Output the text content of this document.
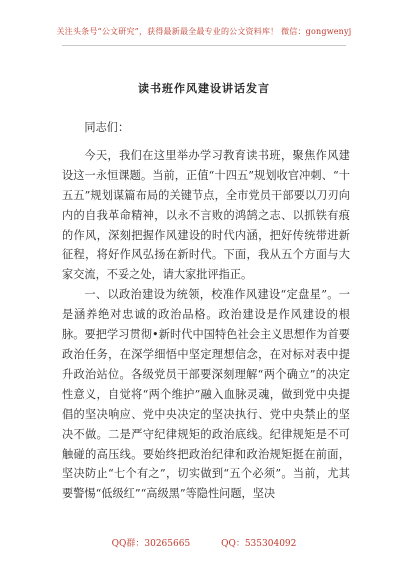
关注头条号“公文研究”，获得最新最全最专业的公文资料库！ 微信：gongwenyj
读书班作风建设讲话发言

同志们：

今天，我们在这里举办学习教育读书班，聚焦作风建设这一永恒课题。当前，正值“十四五”规划收官冲刺、“十五五”规划谋篇布局的关键节点，全市党员干部要以刀刃向内的自我革命精神，以永不言败的鸿鹄之志、以抓铁有痕的作风，深刻把握作风建设的时代内涵，把好传统带进新征程，将好作风弘扬在新时代。下面，我从五个方面与大家交流，不妥之处，请大家批评指正。

一、以政治建设为统领，校准作风建设“定盘星”。一是涵养绝对忠诚的政治品格。政治建设是作风建设的根脉。要把学习贯彻•新时代中国特色社会主义思想作为首要政治任务，在深学细悟中坚定理想信念，在对标对表中提升政治站位。各级党员干部要深刻理解“两个确立”的决定性意义，自觉将“两个维护”融入血脉灵魂，做到党中央提倡的坚决响应、党中央决定的坚决执行、党中央禁止的坚决不做。二是严守纪律规矩的政治底线。纪律规矩是不可触碰的高压线。要始终把政治纪律和政治规矩挺在前面，坚决防止“七个有之”，切实做到“五个必须”。当前，尤其要警惕“低级红”“高级黑”等隐性问题，坚决

QQ群：30265665	QQ：535304092
